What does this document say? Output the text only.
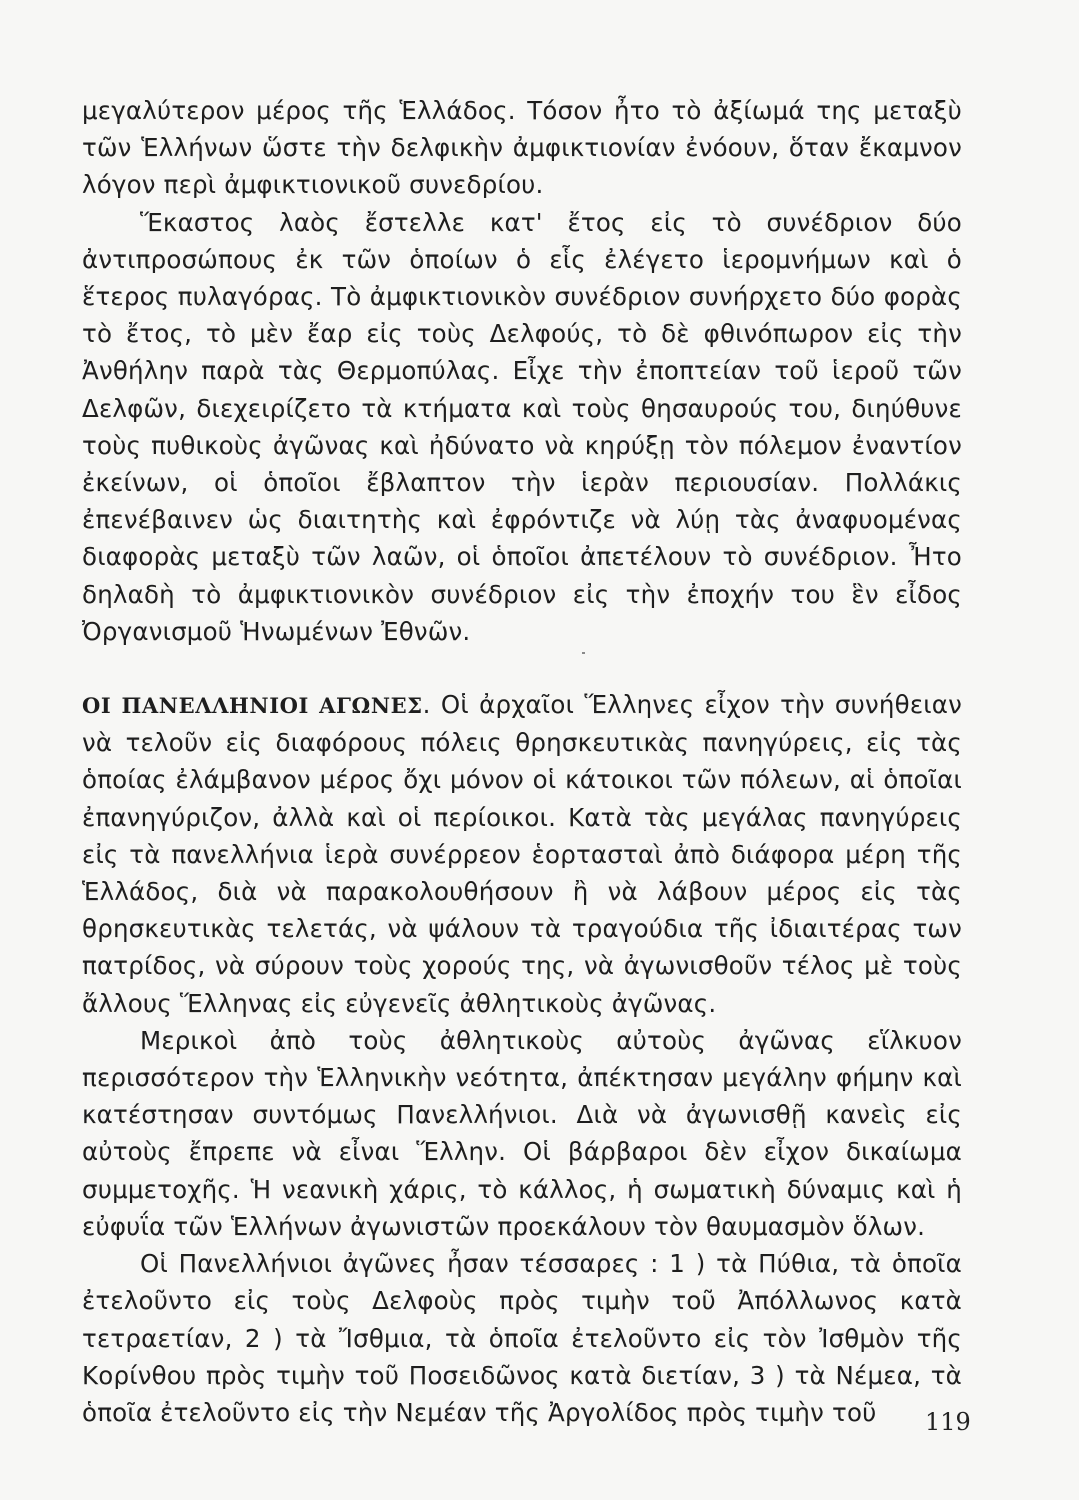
μεγαλύτερον μέρος τῆς Ἑλλάδος. Τόσον ἦτο τὸ ἀξίωμά της μεταξὺ τῶν Ἑλλήνων ὥστε τὴν δελφικὴν ἀμφικτιονίαν ἐνόουν, ὅταν ἔκαμνον λόγον περὶ ἀμφικτιονικοῦ συνεδρίου.

Ἕκαστος λαὸς ἔστελλε κατ' ἔτος εἰς τὸ συνέδριον δύο ἀντιπροσώπους ἐκ τῶν ὁποίων ὁ εἷς ἐλέγετο ἱερομνήμων καὶ ὁ ἕτερος πυλαγόρας. Τὸ ἀμφικτιονικὸν συνέδριον συνήρχετο δύο φορὰς τὸ ἔτος, τὸ μὲν ἔαρ εἰς τοὺς Δελφούς, τὸ δὲ φθινόπωρον εἰς τὴν Ἀνθήλην παρὰ τὰς Θερμοπύλας. Εἶχε τὴν ἐποπτείαν τοῦ ἱεροῦ τῶν Δελφῶν, διεχειρίζετο τὰ κτήματα καὶ τοὺς θησαυρούς του, διηύθυνε τοὺς πυθικοὺς ἀγῶνας καὶ ἠδύνατο νὰ κηρύξῃ τὸν πόλεμον ἐναντίον ἐκείνων, οἱ ὁποῖοι ἔβλαπτον τὴν ἱερὰν περιουσίαν. Πολλάκις ἐπενέβαινεν ὡς διαιτητὴς καὶ ἐφρόντιζε νὰ λύῃ τὰς ἀναφυομένας διαφορὰς μεταξὺ τῶν λαῶν, οἱ ὁποῖοι ἀπετέλουν τὸ συνέδριον. Ἦτο δηλαδὴ τὸ ἀμφικτιονικὸν συνέδριον εἰς τὴν ἐποχήν του ἓν εἶδος Ὀργανισμοῦ Ἡνωμένων Ἐθνῶν.

ΟΙ ΠΑΝΕΛΛΗΝΙΟΙ ΑΓΩΝΕΣ. Οἱ ἀρχαῖοι Ἕλληνες εἶχον τὴν συνήθειαν νὰ τελοῦν εἰς διαφόρους πόλεις θρησκευτικὰς πανηγύρεις, εἰς τὰς ὁποίας ἐλάμβανον μέρος ὄχι μόνον οἱ κάτοικοι τῶν πόλεων, αἱ ὁποῖαι ἐπανηγύριζον, ἀλλὰ καὶ οἱ περίοικοι. Κατὰ τὰς μεγάλας πανηγύρεις εἰς τὰ πανελλήνια ἱερὰ συνέρρεον ἑορτασταὶ ἀπὸ διάφορα μέρη τῆς Ἑλλάδος, διὰ νὰ παρακολουθήσουν ἢ νὰ λάβουν μέρος εἰς τὰς θρησκευτικὰς τελετάς, νὰ ψάλουν τὰ τραγούδια τῆς ἰδιαιτέρας των πατρίδος, νὰ σύρουν τοὺς χορούς της, νὰ ἀγωνισθοῦν τέλος μὲ τοὺς ἄλλους Ἕλληνας εἰς εὐγενεῖς ἀθλητικοὺς ἀγῶνας.

Μερικοὶ ἀπὸ τοὺς ἀθλητικοὺς αὐτοὺς ἀγῶνας εἵλκυον περισσότερον τὴν Ἑλληνικὴν νεότητα, ἀπέκτησαν μεγάλην φήμην καὶ κατέστησαν συντόμως Πανελλήνιοι. Διὰ νὰ ἀγωνισθῇ κανεὶς εἰς αὐτοὺς ἔπρεπε νὰ εἶναι Ἕλλην. Οἱ βάρβαροι δὲν εἶχον δικαίωμα συμμετοχῆς. Ἡ νεανικὴ χάρις, τὸ κάλλος, ἡ σωματικὴ δύναμις καὶ ἡ εὐφυΐα τῶν Ἑλλήνων ἀγωνιστῶν προεκάλουν τὸν θαυμασμὸν ὅλων.

Οἱ Πανελλήνιοι ἀγῶνες ἦσαν τέσσαρες : 1 ) τὰ Πύθια, τὰ ὁποῖα ἐτελοῦντο εἰς τοὺς Δελφοὺς πρὸς τιμὴν τοῦ Ἀπόλλωνος κατὰ τετραετίαν, 2 ) τὰ Ἴσθμια, τὰ ὁποῖα ἐτελοῦντο εἰς τὸν Ἰσθμὸν τῆς Κορίνθου πρὸς τιμὴν τοῦ Ποσειδῶνος κατὰ διετίαν, 3 ) τὰ Νέμεα, τὰ ὁποῖα ἐτελοῦντο εἰς τὴν Νεμέαν τῆς Ἀργολίδος πρὸς τιμὴν τοῦ	119
